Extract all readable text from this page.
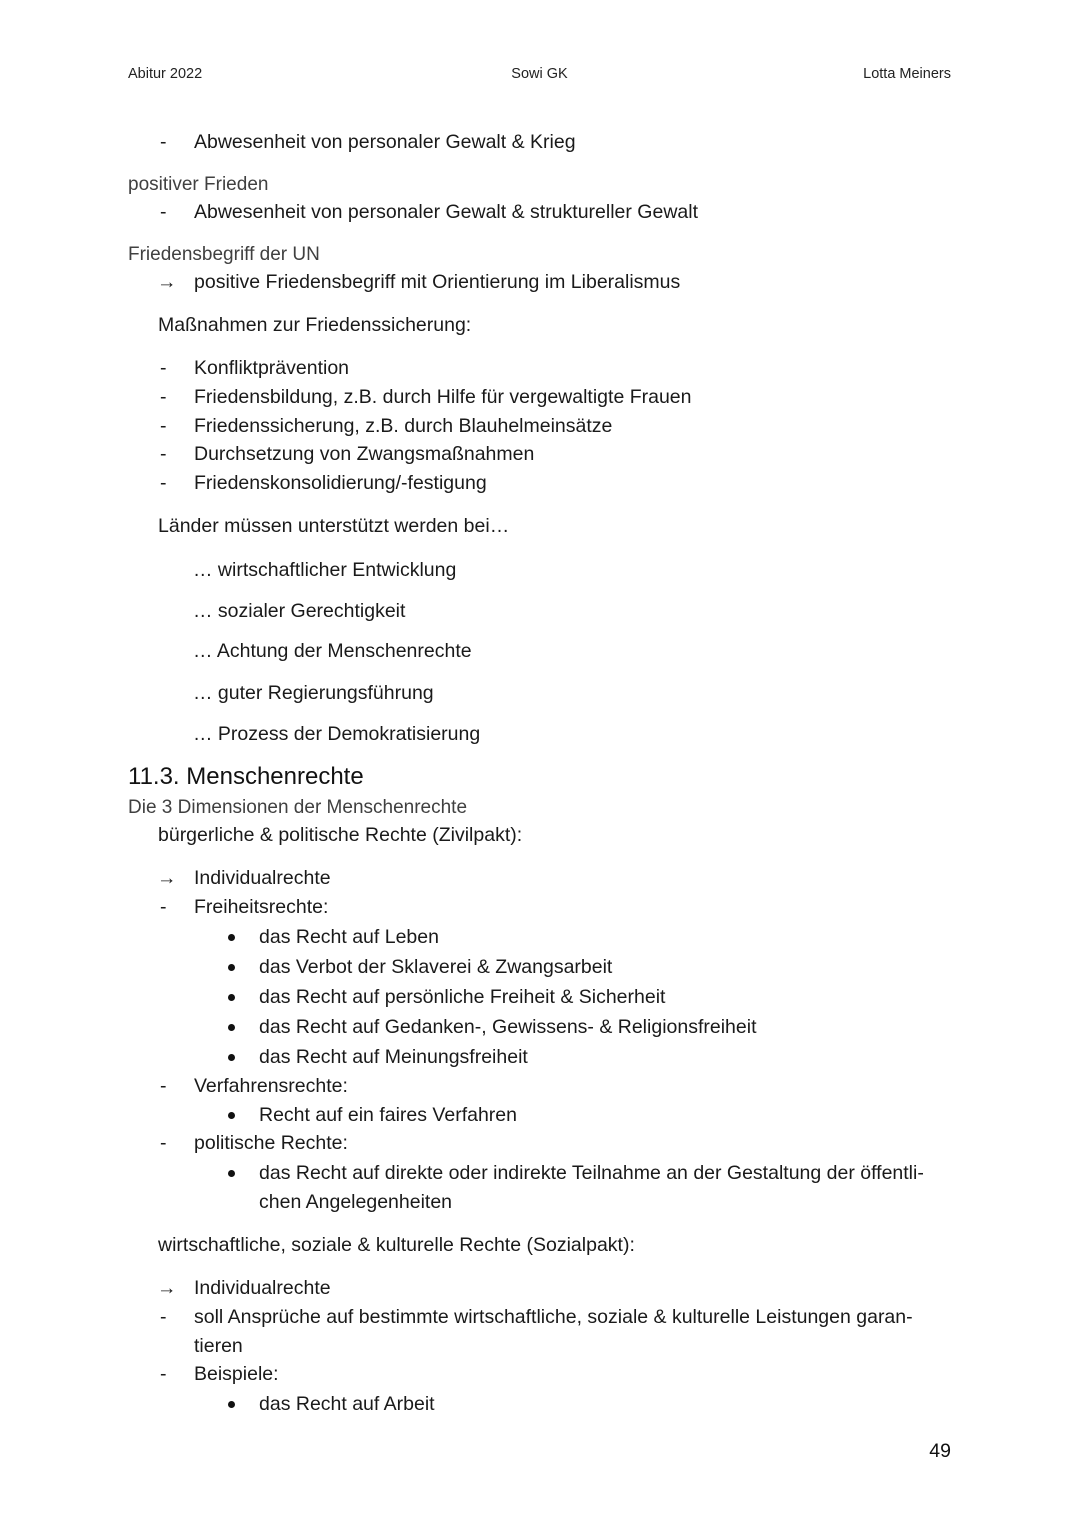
Abitur 2022	Sowi GK	Lotta Meiners
- Abwesenheit von personaler Gewalt & Krieg
positiver Frieden
- Abwesenheit von personaler Gewalt & struktureller Gewalt
Friedensbegriff der UN
→ positive Friedensbegriff mit Orientierung im Liberalismus
Maßnahmen zur Friedenssicherung:
- Konfliktprävention
- Friedensbildung, z.B. durch Hilfe für vergewaltigte Frauen
- Friedenssicherung, z.B. durch Blauhelmeinsätze
- Durchsetzung von Zwangsmaßnahmen
- Friedenskonsolidierung/-festigung
Länder müssen unterstützt werden bei…
… wirtschaftlicher Entwicklung
… sozialer Gerechtigkeit
… Achtung der Menschenrechte
… guter Regierungsführung
… Prozess der Demokratisierung
11.3. Menschenrechte
Die 3 Dimensionen der Menschenrechte
bürgerliche & politische Rechte (Zivilpakt):
→ Individualrechte
- Freiheitsrechte:
das Recht auf Leben
das Verbot der Sklaverei & Zwangsarbeit
das Recht auf persönliche Freiheit & Sicherheit
das Recht auf Gedanken-, Gewissens- & Religionsfreiheit
das Recht auf Meinungsfreiheit
- Verfahrensrechte:
Recht auf ein faires Verfahren
- politische Rechte:
das Recht auf direkte oder indirekte Teilnahme an der Gestaltung der öffentli-
chen Angelegenheiten
wirtschaftliche, soziale & kulturelle Rechte (Sozialpakt):
→ Individualrechte
- soll Ansprüche auf bestimmte wirtschaftliche, soziale & kulturelle Leistungen garan-
tieren
- Beispiele:
das Recht auf Arbeit
49
